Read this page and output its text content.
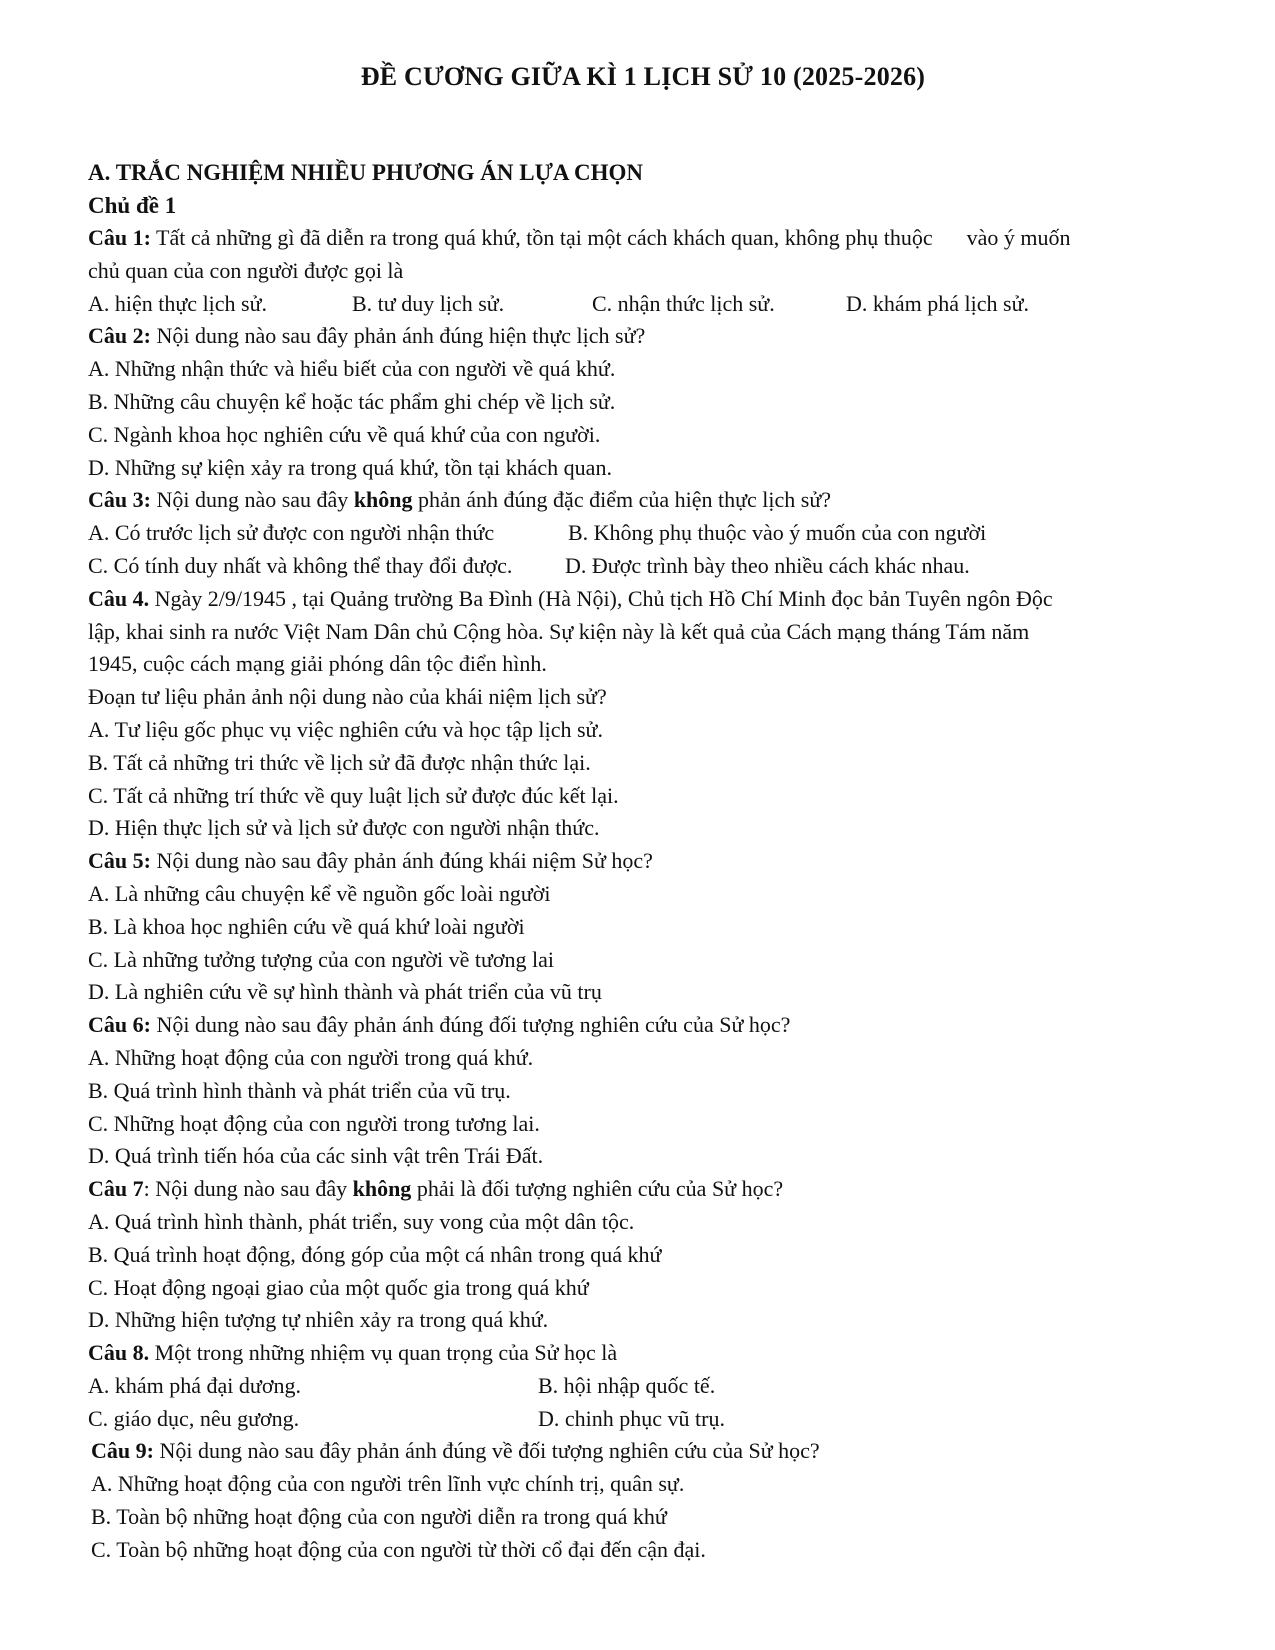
ĐỀ CƯƠNG GIỮA KÌ 1 LỊCH SỬ 10 (2025-2026)

A. TRẮC NGHIỆM NHIỀU PHƯƠNG ÁN LỰA CHỌN

Chủ đề 1

Câu 1: Tất cả những gì đã diễn ra trong quá khứ, tồn tại một cách khách quan, không phụ thuộc vào ý muốn

chủ quan của con người được gọi là

A. hiện thực lịch sử.	B. tư duy lịch sử.	C. nhận thức lịch sử.	D. khám phá lịch sử.

Câu 2: Nội dung nào sau đây phản ánh đúng hiện thực lịch sử?

A. Những nhận thức và hiểu biết của con người về quá khứ.

B. Những câu chuyện kể hoặc tác phẩm ghi chép về lịch sử.

C. Ngành khoa học nghiên cứu về quá khứ của con người.

D. Những sự kiện xảy ra trong quá khứ, tồn tại khách quan.

Câu 3: Nội dung nào sau đây không phản ánh đúng đặc điểm của hiện thực lịch sử?

A. Có trước lịch sử được con người nhận thức	B. Không phụ thuộc vào ý muốn của con người
C. Có tính duy nhất và không thể thay đổi được.	D. Được trình bày theo nhiều cách khác nhau.

Câu 4. Ngày 2/9/1945 , tại Quảng trường Ba Đình (Hà Nội), Chủ tịch Hồ Chí Minh đọc bản Tuyên ngôn Độc

lập, khai sinh ra nước Việt Nam Dân chủ Cộng hòa. Sự kiện này là kết quả của Cách mạng tháng Tám năm

1945, cuộc cách mạng giải phóng dân tộc điển hình.

Đoạn tư liệu phản ảnh nội dung nào của khái niệm lịch sử?

A. Tư liệu gốc phục vụ việc nghiên cứu và học tập lịch sử.

B. Tất cả những tri thức về lịch sử đã được nhận thức lại.

C. Tất cả những trí thức về quy luật lịch sử được đúc kết lại.

D. Hiện thực lịch sử và lịch sử được con người nhận thức.

Câu 5: Nội dung nào sau đây phản ánh đúng khái niệm Sử học?

A. Là những câu chuyện kể về nguồn gốc loài người

B. Là khoa học nghiên cứu về quá khứ loài người

C. Là những tưởng tượng của con người về tương lai

D. Là nghiên cứu về sự hình thành và phát triển của vũ trụ

Câu 6: Nội dung nào sau đây phản ánh đúng đối tượng nghiên cứu của Sử học?

A. Những hoạt động của con người trong quá khứ.

B. Quá trình hình thành và phát triển của vũ trụ.

C. Những hoạt động của con người trong tương lai.

D. Quá trình tiến hóa của các sinh vật trên Trái Đất.

Câu 7: Nội dung nào sau đây không phải là đối tượng nghiên cứu của Sử học?

A. Quá trình hình thành, phát triển, suy vong của một dân tộc.

B. Quá trình hoạt động, đóng góp của một cá nhân trong quá khứ

C. Hoạt động ngoại giao của một quốc gia trong quá khứ

D. Những hiện tượng tự nhiên xảy ra trong quá khứ.

Câu 8. Một trong những nhiệm vụ quan trọng của Sử học là

A. khám phá đại dương.	B. hội nhập quốc tế.
C. giáo dục, nêu gương.	D. chinh phục vũ trụ.

Câu 9: Nội dung nào sau đây phản ánh đúng về đối tượng nghiên cứu của Sử học?

A. Những hoạt động của con người trên lĩnh vực chính trị, quân sự.

B. Toàn bộ những hoạt động của con người diễn ra trong quá khứ

C. Toàn bộ những hoạt động của con người từ thời cổ đại đến cận đại.
